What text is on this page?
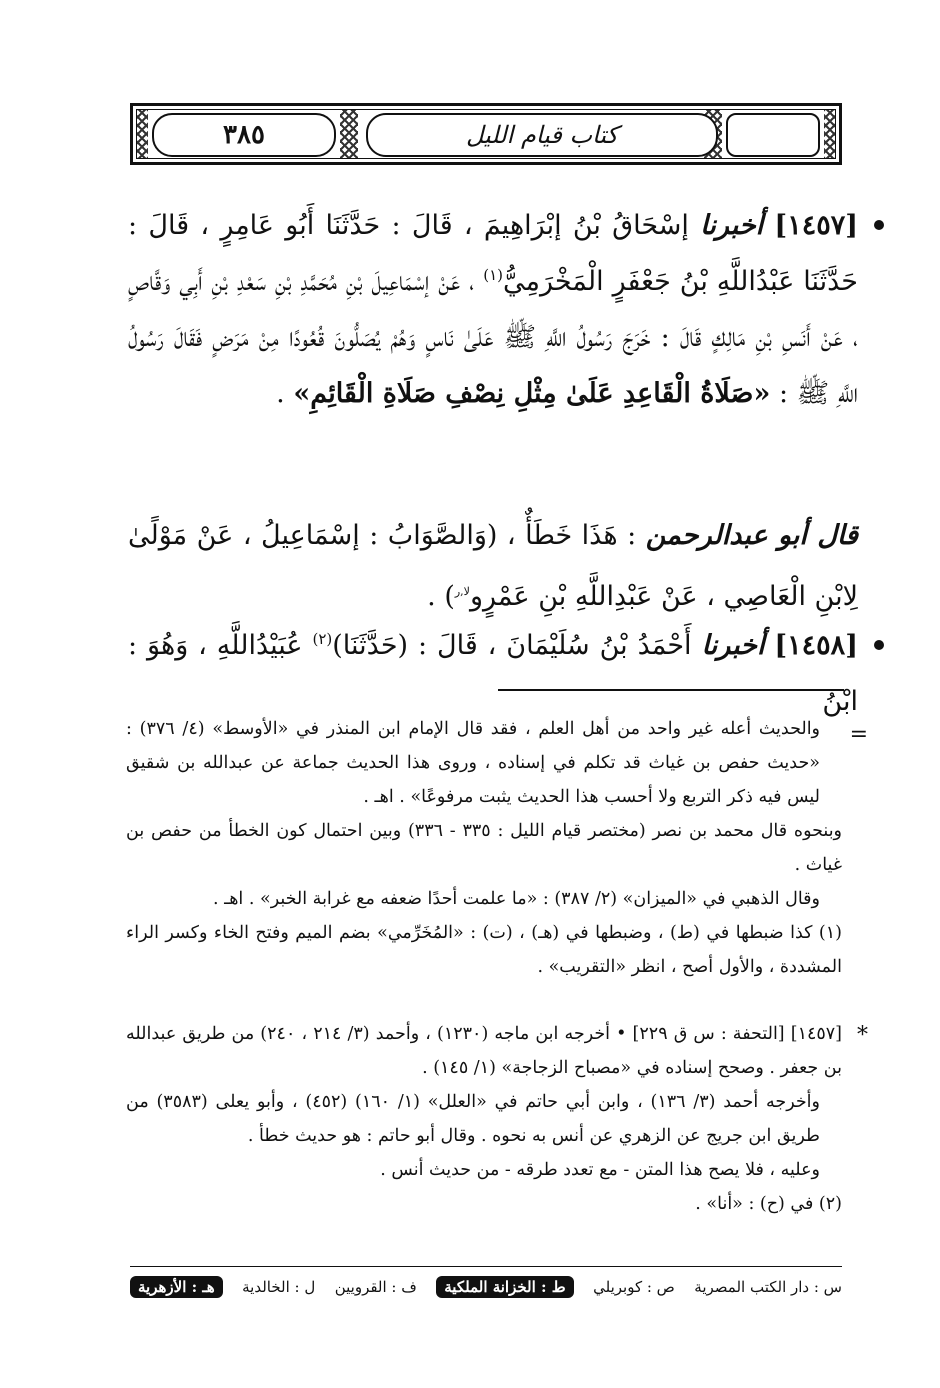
٣٨٥	كتاب قيام الليل
[١٤٥٧] أخبرنا إسْحَاقُ بْنُ إبْرَاهِيمَ ، قَالَ : حَدَّثَنَا أَبُو عَامِرٍ ، قَالَ : حَدَّثَنَا عَبْدُاللَّهِ بْنُ جَعْفَرٍ الْمَخْرَمِيُّ$^{(١)}$ ، عَنْ إسْمَاعِيلَ بْنِ مُحَمَّدِ بْنِ سَعْدِ بْنِ أَبِي وَقَّاصٍ ، عَنْ أَنَسِ بْنِ مَالِكٍ قَالَ : خَرَجَ رَسُولُ اللَّهِ ﷺ عَلَىٰ نَاسٍ وَهُمْ يُصَلُّونَ قُعُودًا مِنْ مَرَضٍ فَقَالَ رَسُولُ اللَّهِ ﷺ : «صَلَاةُ الْقَاعِدِ عَلَىٰ مِثْلِ نِصْفِ صَلَاةِ الْقَائِمِ» .
قال أبو عبدالرحمن : هَذَا خَطَأٌ ، (وَالصَّوَابُ : إسْمَاعِيلُ ، عَنْ مَوْلًىٰ لِابْنِ الْعَاصِي ، عَنْ عَبْدِاللَّهِ بْنِ عَمْرٍو$^{لا,ر}$) .
[١٤٥٨] أخبرنا أَحْمَدُ بْنُ سُلَيْمَانَ ، قَالَ : (حَدَّثَنَا)$^{(٢)}$ عُبَيْدُاللَّهِ ، وَهُوَ : ابْنُ
=

والحديث أعله غير واحد من أهل العلم ، فقد قال الإمام ابن المنذر في «الأوسط» (٤/ ٣٧٦) : «حديث حفص بن غياث قد تكلم في إسناده ، وروى هذا الحديث جماعة عن عبدالله بن شقيق ليس فيه ذكر التربع ولا أحسب هذا الحديث يثبت مرفوعًا» . اهـ .

وبنحوه قال محمد بن نصر (مختصر قيام الليل : ٣٣٥ - ٣٣٦) وبين احتمال كون الخطأ من حفص بن غياث .

وقال الذهبي في «الميزان» (٢/ ٣٨٧) : «ما علمت أحدًا ضعفه مع غرابة الخبر» . اهـ .

(١) كذا ضبطها في (ط) ، وضبطها في (هـ) ، (ت) : «المُخَرِّمي» بضم الميم وفتح الخاء وكسر الراء المشددة ، والأول أصح ، انظر «التقريب» .

*

[١٤٥٧] [التحفة : س ق ٢٢٩] • أخرجه ابن ماجه (١٢٣٠) ، وأحمد (٣/ ٢١٤ ، ٢٤٠) من طريق عبدالله بن جعفر . وصحح إسناده في «مصباح الزجاجة» (١/ ١٤٥) .

وأخرجه أحمد (٣/ ١٣٦) ، وابن أبي حاتم في «العلل» (١/ ١٦٠) (٤٥٢) ، وأبو يعلى (٣٥٨٣) من طريق ابن جريج عن الزهري عن أنس به نحوه . وقال أبو حاتم : هو حديث خطأ .

وعليه ، فلا يصح هذا المتن - مع تعدد طرقه - من حديث أنس .

(٢) في (ح) : «أنا» .

س : دار الكتب المصرية
ص : كوبريلي
ط : الخزانة الملكية
ف : القرويين
ل : الخالدية
هـ : الأزهرية
